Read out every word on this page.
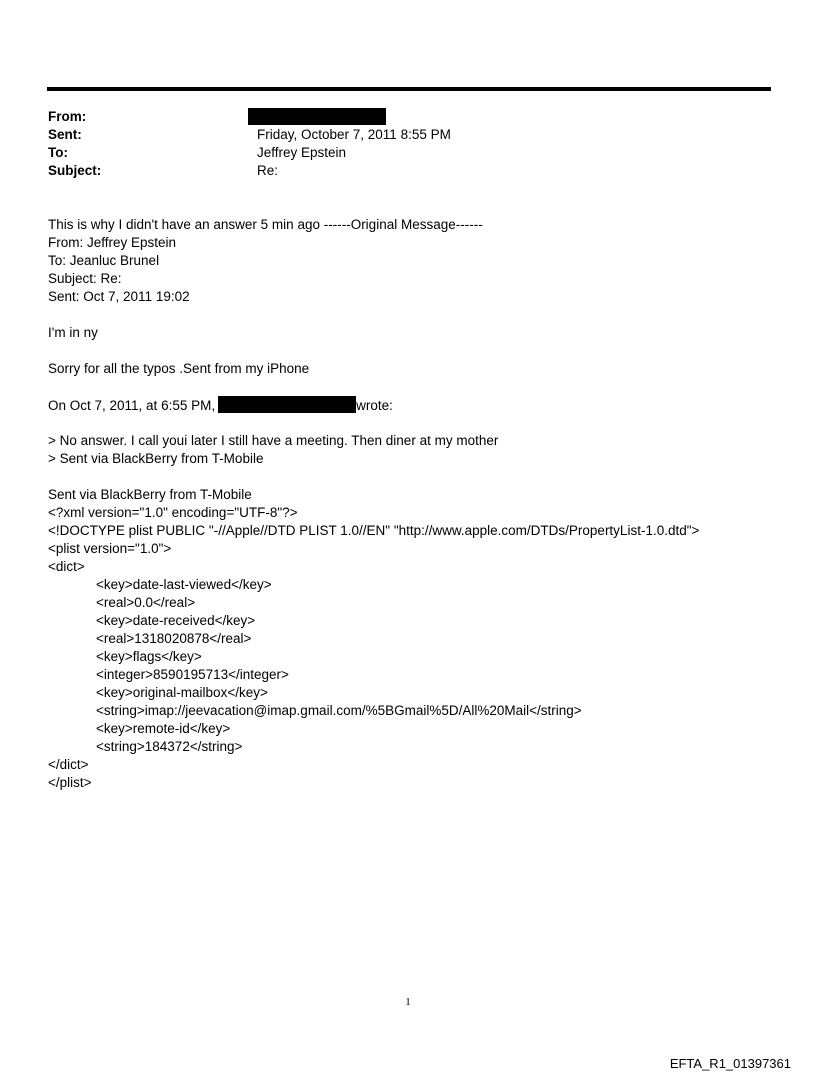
From:
Sent:	Friday, October 7, 2011 8:55 PM
To:	Jeffrey Epstein
Subject:	Re:
This is why I didn't have an answer 5 min ago ------Original Message------
From: Jeffrey Epstein
To: Jeanluc Brunel
Subject: Re:
Sent: Oct 7, 2011 19:02
I'm in ny
Sorry for all the typos .Sent from my iPhone
On Oct 7, 2011, at 6:55 PM,	wrote:
> No answer. I call youi later I still have a meeting. Then diner at my mother
> Sent via BlackBerry from T-Mobile
Sent via BlackBerry from T-Mobile
<?xml version="1.0" encoding="UTF-8"?>
<!DOCTYPE plist PUBLIC "-//Apple//DTD PLIST 1.0//EN" "http://www.apple.com/DTDs/PropertyList-1.0.dtd">
<plist version="1.0">
<dict>
<key>date-last-viewed</key>
<real>0.0</real>
<key>date-received</key>
<real>1318020878</real>
<key>flags</key>
<integer>8590195713</integer>
<key>original-mailbox</key>
<string>imap://jeevacation@imap.gmail.com/%5BGmail%5D/All%20Mail</string>
<key>remote-id</key>
<string>184372</string>
</dict>
</plist>
1
EFTA_R1_01397361
